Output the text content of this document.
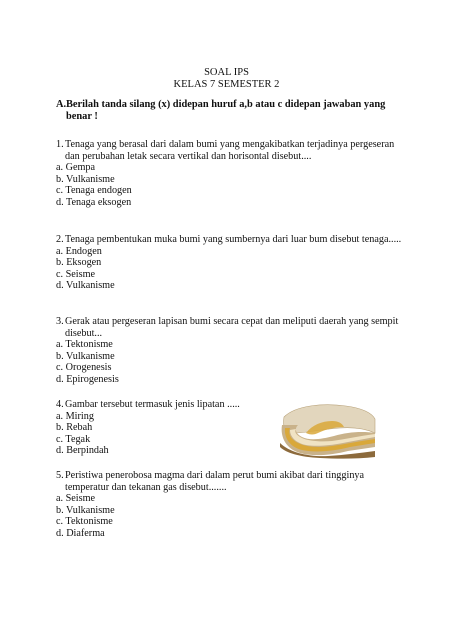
SOAL IPS
KELAS 7 SEMESTER 2
A. Berilah tanda silang (x) didepan huruf a,b atau c didepan jawaban yang benar !
1. Tenaga yang berasal dari dalam bumi yang mengakibatkan terjadinya pergeseran dan perubahan letak secara vertikal dan horisontal disebut....
a. Gempa
b. Vulkanisme
c. Tenaga endogen
d. Tenaga eksogen
2. Tenaga pembentukan muka bumi yang sumbernya dari luar bum disebut tenaga.....
a. Endogen
b. Eksogen
c. Seisme
d. Vulkanisme
3. Gerak atau pergeseran lapisan bumi secara cepat dan meliputi daerah yang sempit disebut...
a. Tektonisme
b. Vulkanisme
c. Orogenesis
d. Epirogenesis
4. Gambar tersebut termasuk jenis lipatan .....
a. Miring
b. Rebah
c. Tegak
d. Berpindah
5. Peristiwa penerobosa magma dari dalam perut bumi akibat dari tingginya temperatur dan tekanan gas disebut.......
a. Seisme
b. Vulkanisme
c. Tektonisme
d. Diaferma
